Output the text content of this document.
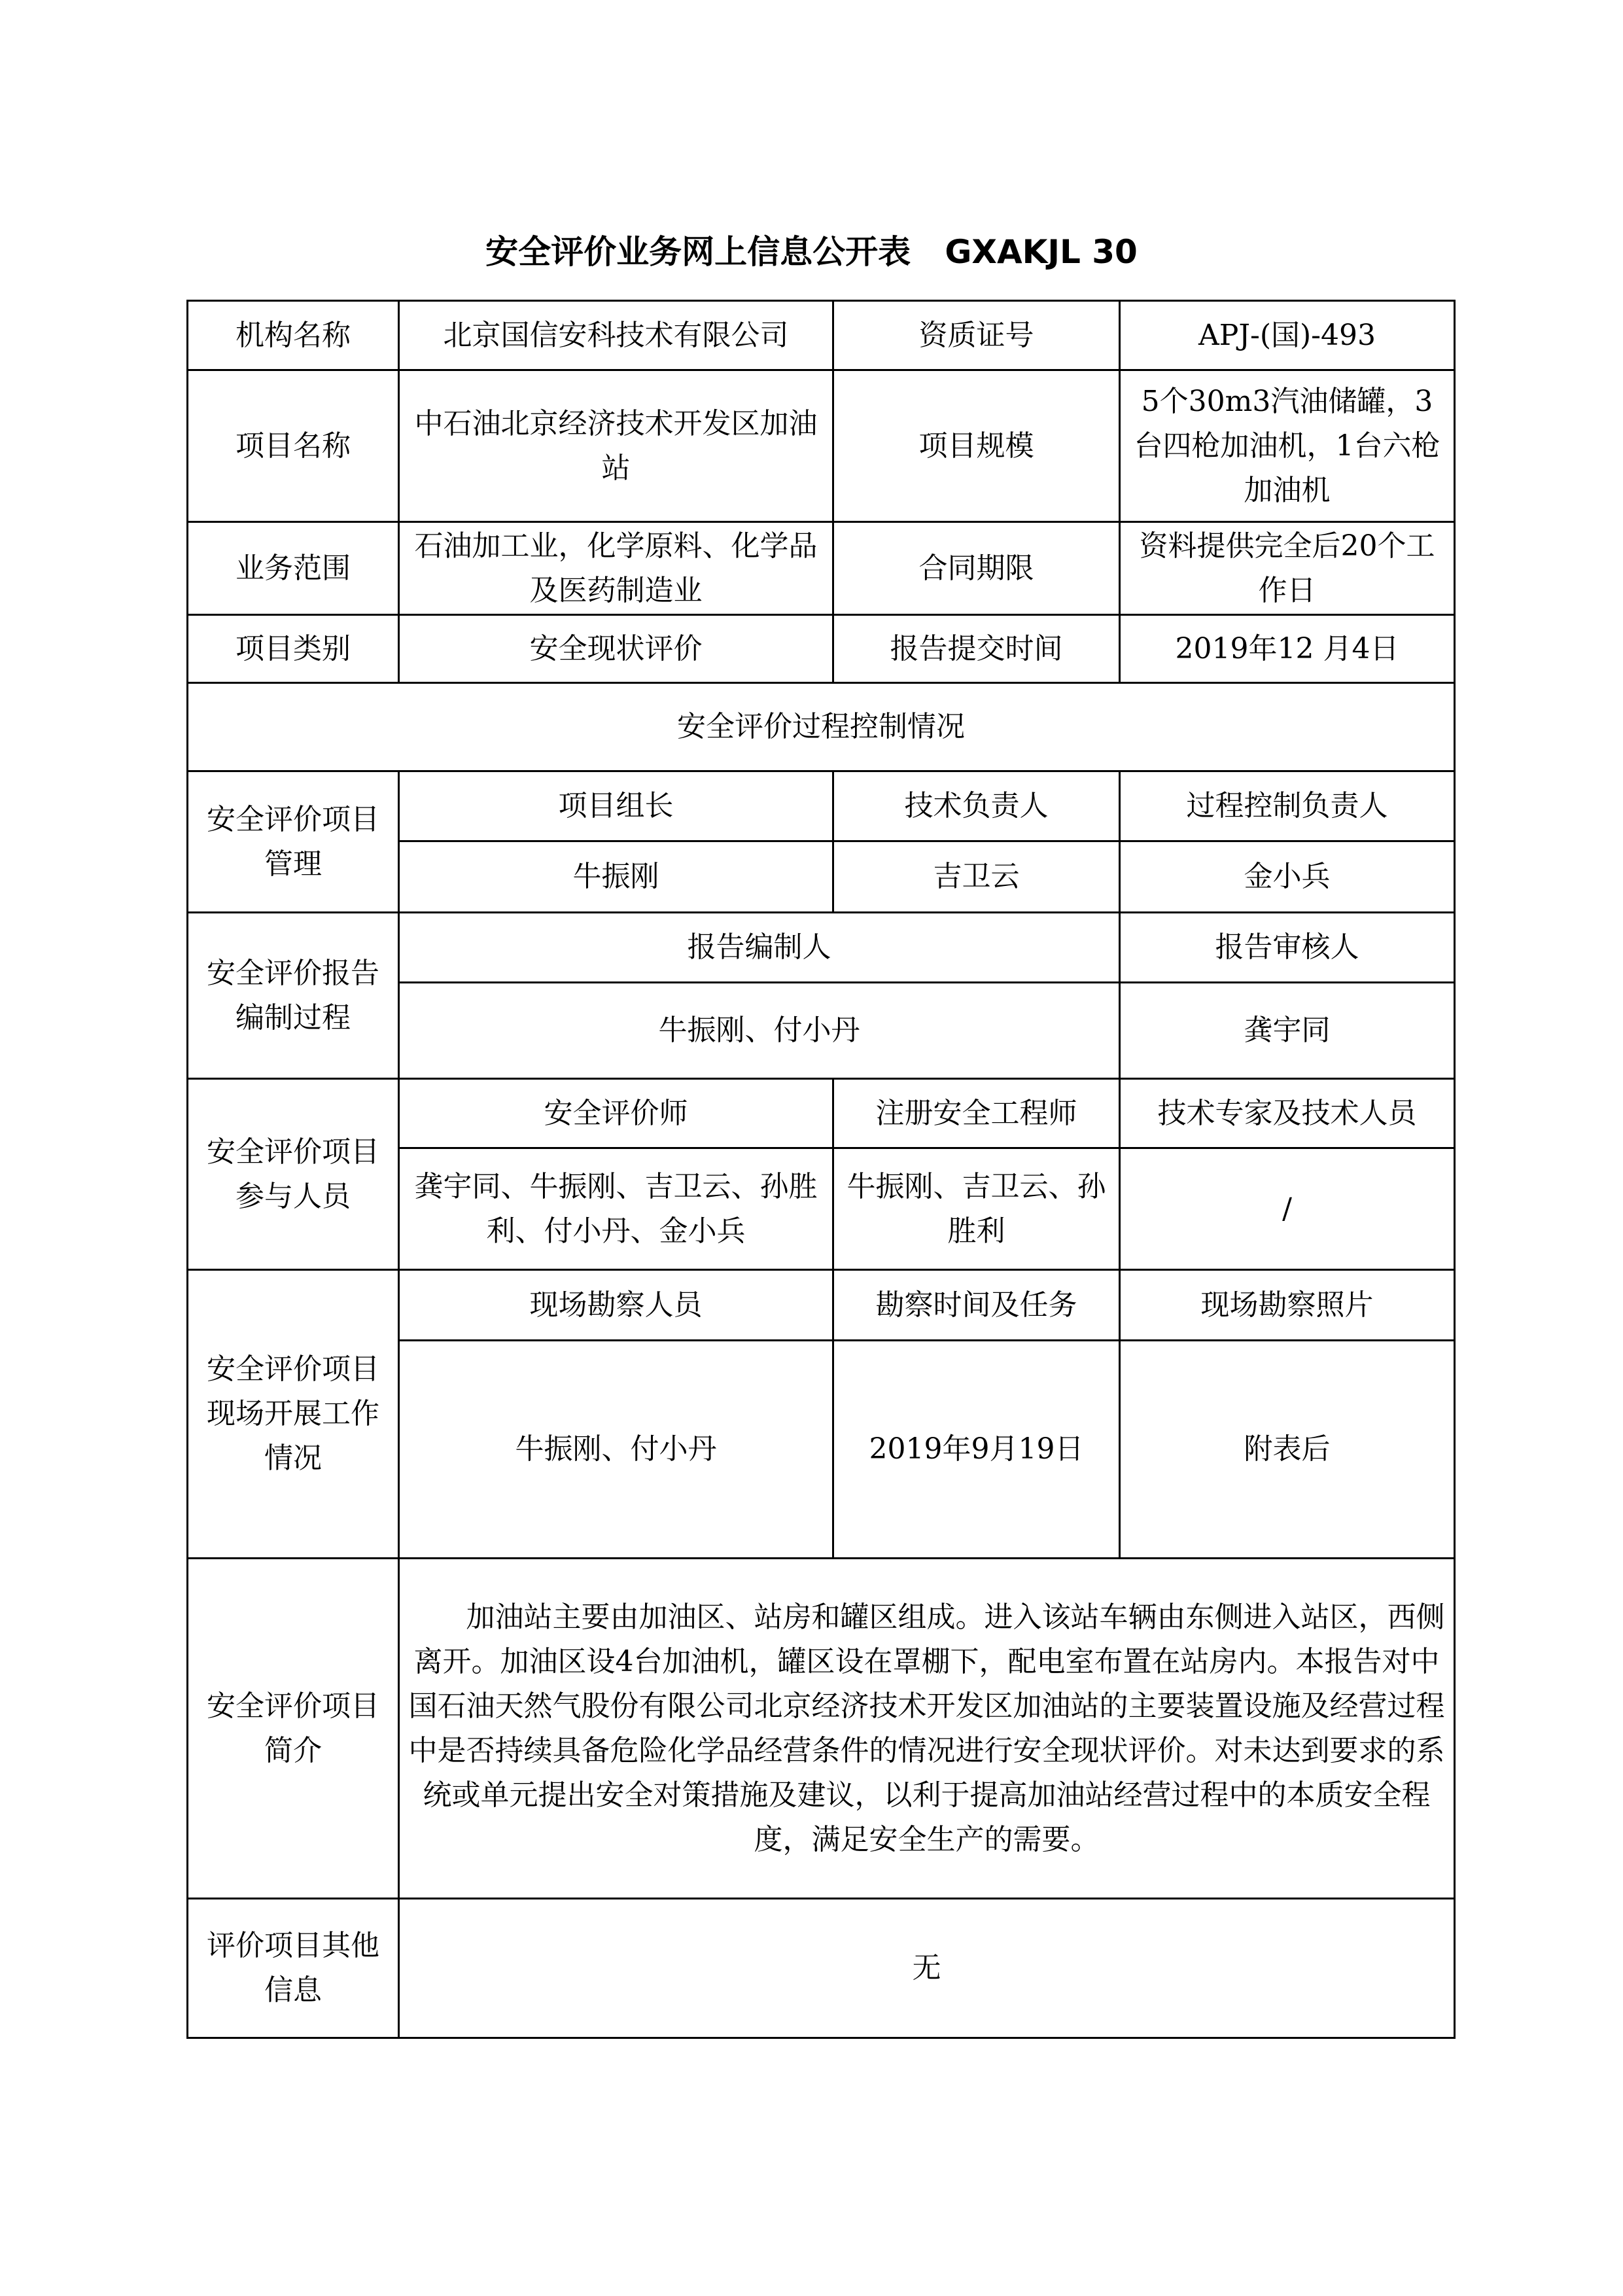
安全评价业务网上信息公开表   GXAKJL 30
机构名称	北京国信安科技术有限公司	资质证号	APJ-(国)-493
项目名称	中石油北京经济技术开发区加油站	项目规模	5个30m3汽油储罐，3台四枪加油机，1台六枪加油机
业务范围	石油加工业，化学原料、化学品及医药制造业	合同期限	资料提供完全后20个工作日
项目类别	安全现状评价	报告提交时间	2019年12 月4日
安全评价过程控制情况			
安全评价项目管理	项目组长	技术负责人	过程控制负责人
	牛振刚	吉卫云	金小兵
安全评价报告编制过程	报告编制人		报告审核人
	牛振刚、付小丹		龚宇同
安全评价项目参与人员	安全评价师	注册安全工程师	技术专家及技术人员
	龚宇同、牛振刚、吉卫云、孙胜利、付小丹、金小兵	牛振刚、吉卫云、孙胜利	/
安全评价项目现场开展工作情况	现场勘察人员	勘察时间及任务	现场勘察照片
	牛振刚、付小丹	2019年9月19日	附表后
安全评价项目简介	加油站主要由加油区、站房和罐区组成。进入该站车辆由东侧进入站区，西侧离开。加油区设4台加油机，罐区设在罩棚下，配电室布置在站房内。本报告对中国石油天然气股份有限公司北京经济技术开发区加油站的主要装置设施及经营过程中是否持续具备危险化学品经营条件的情况进行安全现状评价。对未达到要求的系统或单元提出安全对策措施及建议，以利于提高加油站经营过程中的本质安全程度，满足安全生产的需要。		
评价项目其他信息	无		
